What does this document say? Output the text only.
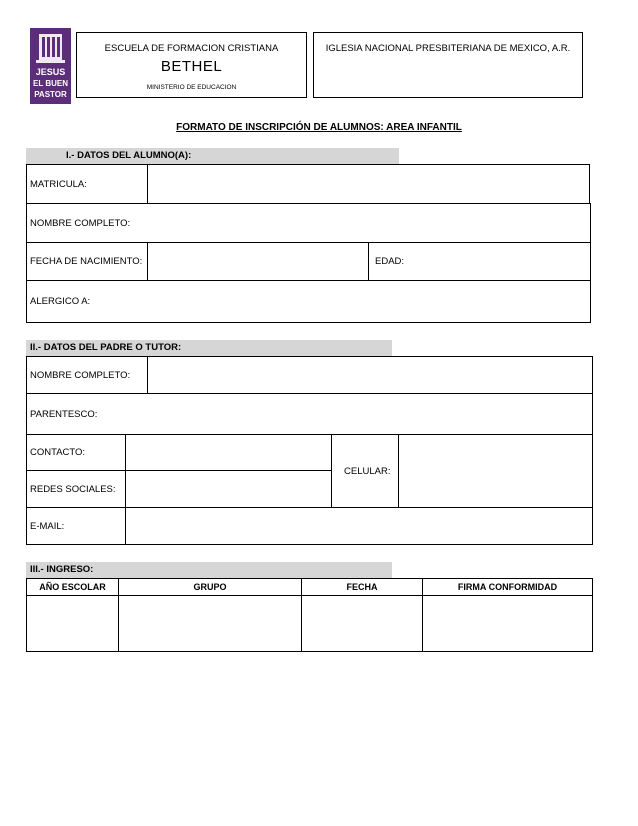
JESUS
EL BUEN
PASTOR
ESCUELA DE FORMACION CRISTIANA
BETHEL
MINISTERIO DE EDUCACION
IGLESIA NACIONAL PRESBITERIANA DE MEXICO, A.R.
FORMATO DE INSCRIPCIÓN DE ALUMNOS: AREA INFANTIL
I.- DATOS DEL ALUMNO(A):
MATRICULA:
NOMBRE COMPLETO:
FECHA DE NACIMIENTO:	EDAD:
ALERGICO A:
II.- DATOS DEL PADRE O TUTOR:
NOMBRE COMPLETO:
PARENTESCO:
CONTACTO:
CELULAR:
REDES SOCIALES:
E-MAIL:
III.- INGRESO:
AÑO ESCOLAR	GRUPO	FECHA	FIRMA CONFORMIDAD
